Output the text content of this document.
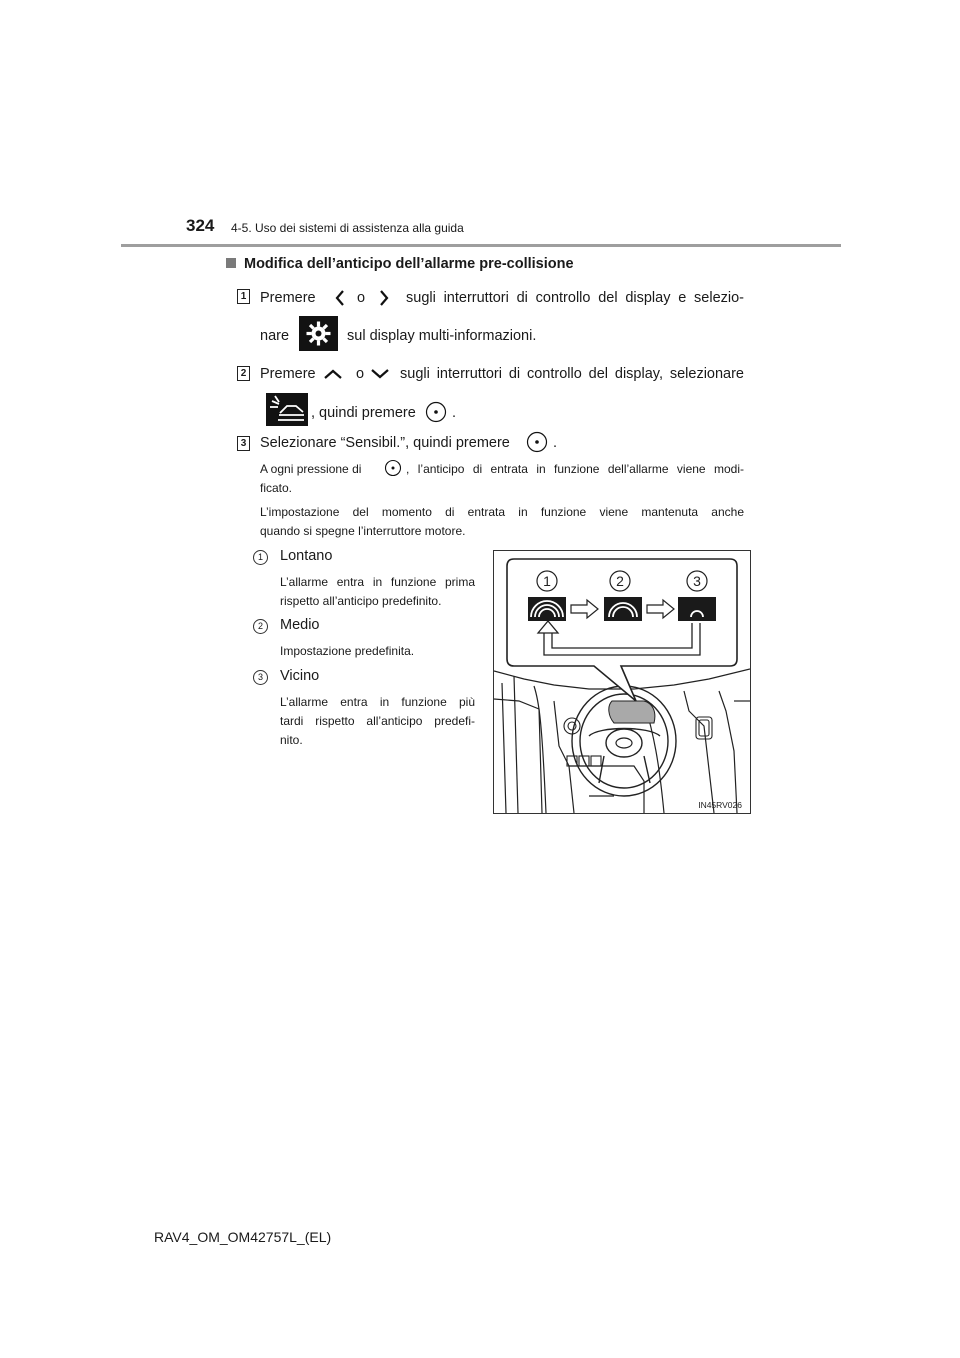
324 4-5. Uso dei sistemi di assistenza alla guida
Modifica dell’anticipo dell’allarme pre-collisione
1 Premere	o	sugli interruttori di controllo del display e selezio-
nare	sul display multi-informazioni.
2 Premere	o sugli interruttori di controllo del display, selezionare
, quindi premere .
3 Selezionare “Sensibil.”, quindi premere	.
A ogni pressione di	, l’anticipo di entrata in funzione dell’allarme viene modi-
ficato.
L’impostazione del momento di entrata in funzione viene mantenuta anche
quando si spegne l’interruttore motore.
1	Lontano
L’allarme entra in funzione prima
rispetto all’anticipo predefinito.
2	Medio
Impostazione predefinita.
3	Vicino
L’allarme entra in funzione più
tardi rispetto all’anticipo predefi-
nito.
1	2	3
IN45RV026
RAV4_OM_OM42757L_(EL)
